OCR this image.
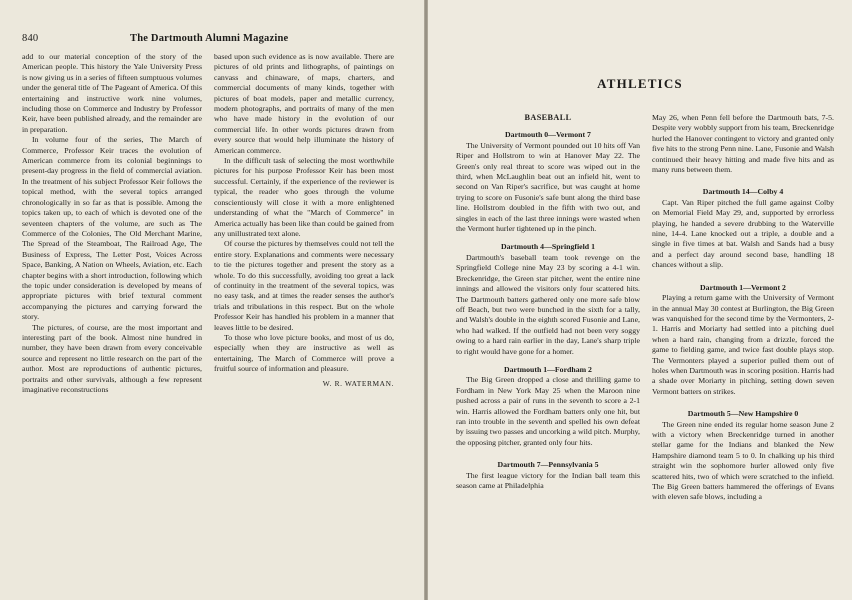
840	The Dartmouth Alumni Magazine

add to our material conception of the story of the American people. This history the Yale University Press is now giving us in a series of fifteen sumptuous volumes under the general title of The Pageant of America. Of this entertaining and instructive work nine volumes, including those on Commerce and Industry by Professor Keir, have been published already, and the remainder are in preparation.

In volume four of the series, The March of Commerce, Professor Keir traces the evolution of American commerce from its colonial beginnings to present-day progress in the field of commercial aviation. In the treatment of his subject Professor Keir follows the topical method, with the several topics arranged chronologically in so far as that is possible. Among the topics taken up, to each of which is devoted one of the seventeen chapters of the volume, are such as The Commerce of the Colonies, The Old Merchant Marine, The Spread of the Steamboat, The Railroad Age, The Business of Express, The Letter Post, Voices Across Space, Banking, A Nation on Wheels, Aviation, etc. Each chapter begins with a short introduction, following which the topic under consideration is developed by means of appropriate pictures with brief textural comment accompanying the pictures and carrying forward the story.

The pictures, of course, are the most important and interesting part of the book. Almost nine hundred in number, they have been drawn from every conceivable source and represent no little research on the part of the author. Most are reproductions of authentic pictures, portraits and other survivals, although a few represent imaginative reconstructions

based upon such evidence as is now available. There are pictures of old prints and lithographs, of paintings on canvass and chinaware, of maps, charters, and commercial documents of many kinds, together with pictures of boat models, paper and metallic currency, modern photographs, and portraits of many of the men who have made history in the evolution of our commercial life. In other words pictures drawn from every source that would help illuminate the history of American commerce.

In the difficult task of selecting the most worthwhile pictures for his purpose Professor Keir has been most successful. Certainly, if the experience of the reviewer is typical, the reader who goes through the volume conscientiously will close it with a more enlightened understanding of what the "March of Commerce" in America actually has been like than could be gained from any unillustrated text alone.

Of course the pictures by themselves could not tell the entire story. Explanations and comments were necessary to tie the pictures together and present the story as a whole. To do this successfully, avoiding too great a lack of continuity in the treatment of the several topics, was no easy task, and at times the reader senses the author's trials and tribulations in this respect. But on the whole Professor Keir has handled his problem in a manner that leaves little to be desired.

To those who love picture books, and most of us do, especially when they are instructive as well as entertaining, The March of Commerce will prove a fruitful source of information and pleasure.

W. R. WATERMAN.
ATHLETICS
BASEBALL
Dartmouth 0—Vermont 7

The University of Vermont pounded out 10 hits off Van Riper and Hollstrom to win at Hanover May 22. The Green's only real threat to score was wiped out in the third, when McLaughlin beat out an infield hit, went to second on Van Riper's sacrifice, but was caught at home trying to score on Fusonie's safe bunt along the third base line. Hollstrom doubled in the fifth with two out, and singles in each of the last three innings were wasted when the Vermont hurler tightened up in the pinch.

Dartmouth 4—Springfield 1

Dartmouth's baseball team took revenge on the Springfield College nine May 23 by scoring a 4-1 win. Breckenridge, the Green star pitcher, went the entire nine innings and allowed the visitors only four scattered hits. The Dartmouth batters gathered only one more safe blow off Beach, but two were bunched in the sixth for a tally, and Walsh's double in the eighth scored Fusonie and Lane, who had walked. If the outfield had not been very soggy owing to a hard rain earlier in the day, Lane's sharp triple to right would have gone for a homer.

Dartmouth 1—Fordham 2

The Big Green dropped a close and thrilling game to Fordham in New York May 25 when the Maroon nine pushed across a pair of runs in the seventh to score a 2-1 win. Harris allowed the Fordham batters only one hit, but ran into trouble in the seventh and spelled his own defeat by issuing two passes and uncorking a wild pitch. Murphy, the opposing pitcher, granted only four hits.

Dartmouth 7—Pennsylvania 5

The first league victory for the Indian ball team this season came at Philadelphia

May 26, when Penn fell before the Dartmouth bats, 7-5. Despite very wobbly support from his team, Breckenridge hurled the Hanover contingent to victory and granted only five hits to the strong Penn nine. Lane, Fusonie and Walsh continued their heavy hitting and made five hits and as many runs between them.

Dartmouth 14—Colby 4

Capt. Van Riper pitched the full game against Colby on Memorial Field May 29, and, supported by errorless playing, he handed a severe drubbing to the Waterville nine, 14-4. Lane knocked out a triple, a double and a single in five times at bat. Walsh and Sands had a busy and a perfect day around second base, handling 18 chances without a slip.

Dartmouth 1—Vermont 2

Playing a return game with the University of Vermont in the annual May 30 contest at Burlington, the Big Green was vanquished for the second time by the Vermonters, 2-1. Harris and Moriarty had settled into a pitching duel when a hard rain, changing from a drizzle, forced the game to fielding game, and twice fast double plays stop. The Vermonters played a superior pulled them out of holes when Dartmouth was in scoring position. Harris had a shade over Moriarty in pitching, setting down seven Vermont batters on strikes.

Dartmouth 5—New Hampshire 0

The Green nine ended its regular home season June 2 with a victory when Breckenridge turned in another stellar game for the Indians and blanked the New Hampshire diamond team 5 to 0. In chalking up his third straight win the sophomore hurler allowed only five scattered hits, two of which were scratched to the infield. The Big Green batters hammered the offerings of Evans with eleven safe blows, including a
